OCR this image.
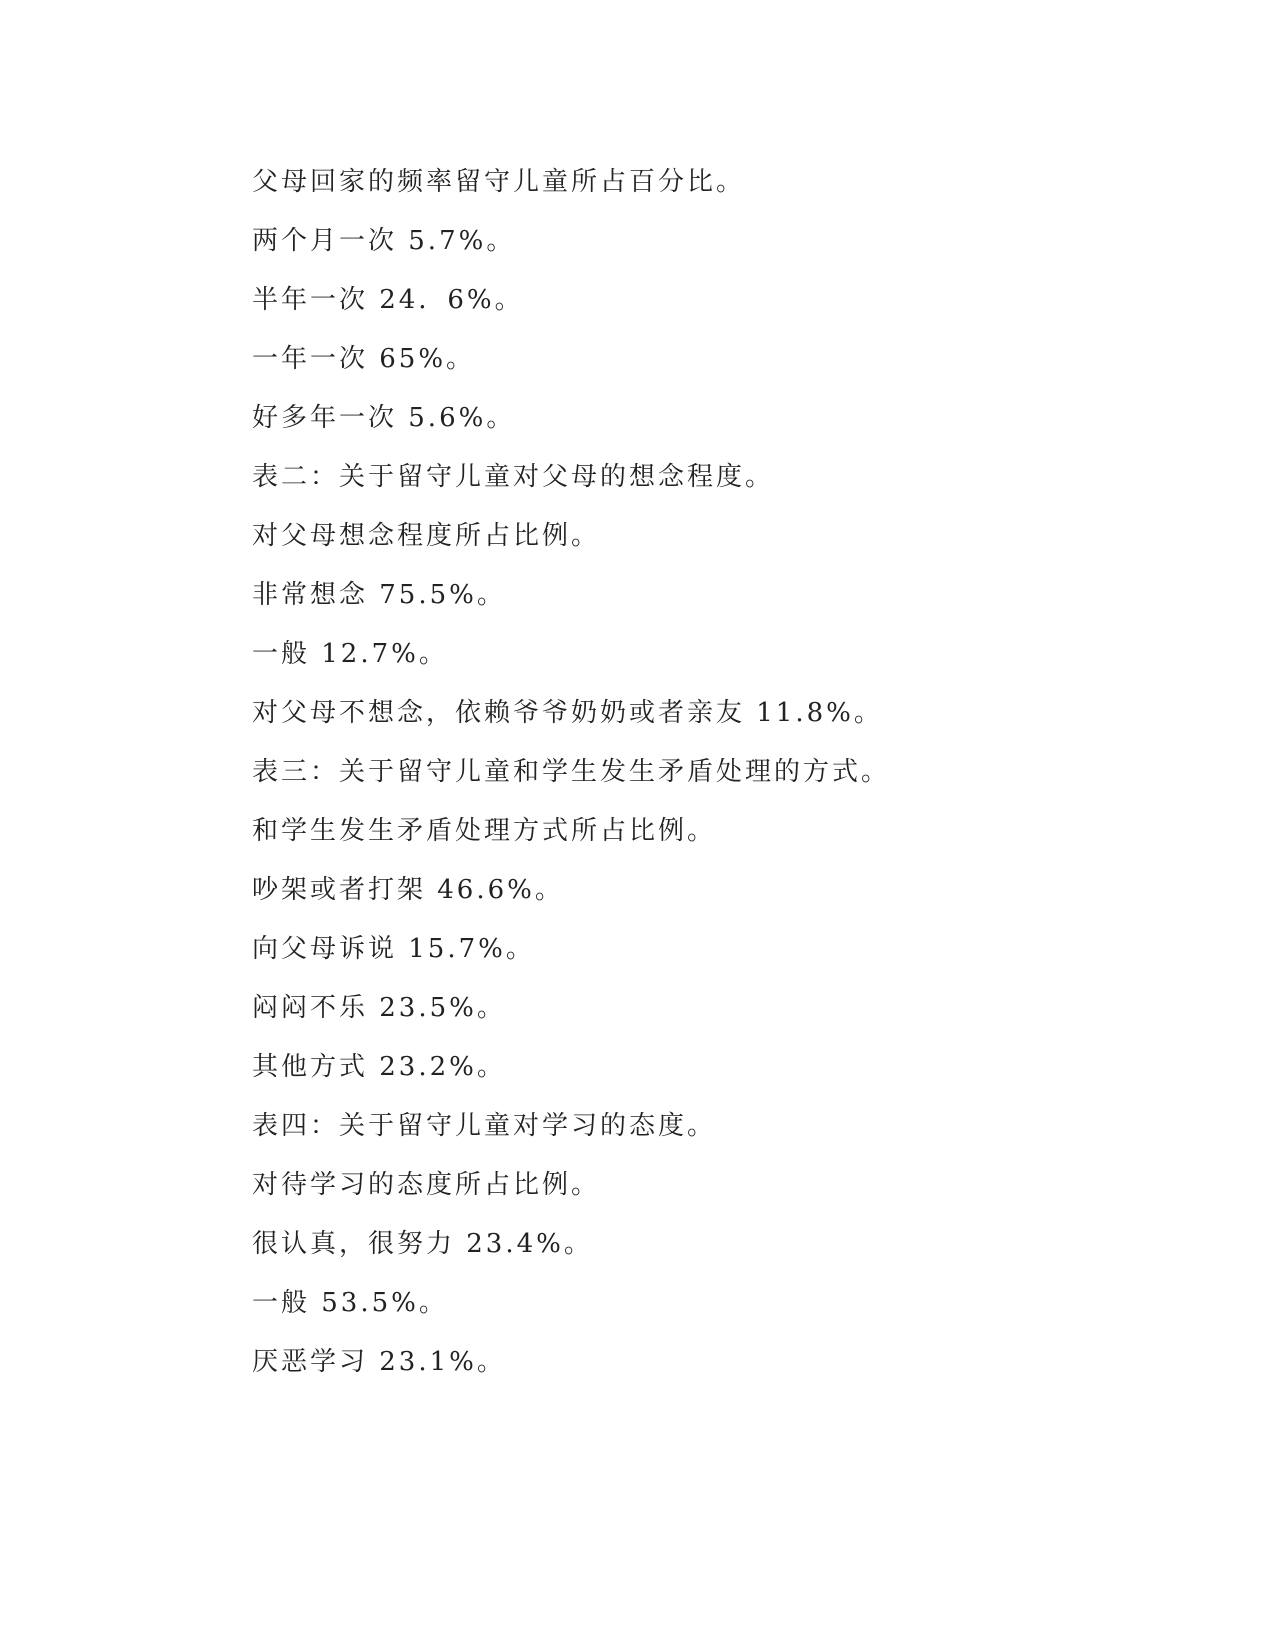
父母回家的频率留守儿童所占百分比。

两个月一次 5.7%。

半年一次 24．6%。

一年一次 65%。

好多年一次 5.6%。

表二：关于留守儿童对父母的想念程度。

对父母想念程度所占比例。

非常想念 75.5%。

一般 12.7%。

对父母不想念，依赖爷爷奶奶或者亲友 11.8%。

表三：关于留守儿童和学生发生矛盾处理的方式。

和学生发生矛盾处理方式所占比例。

吵架或者打架 46.6%。

向父母诉说 15.7%。

闷闷不乐 23.5%。

其他方式 23.2%。

表四：关于留守儿童对学习的态度。

对待学习的态度所占比例。

很认真，很努力 23.4%。

一般 53.5%。

厌恶学习 23.1%。
